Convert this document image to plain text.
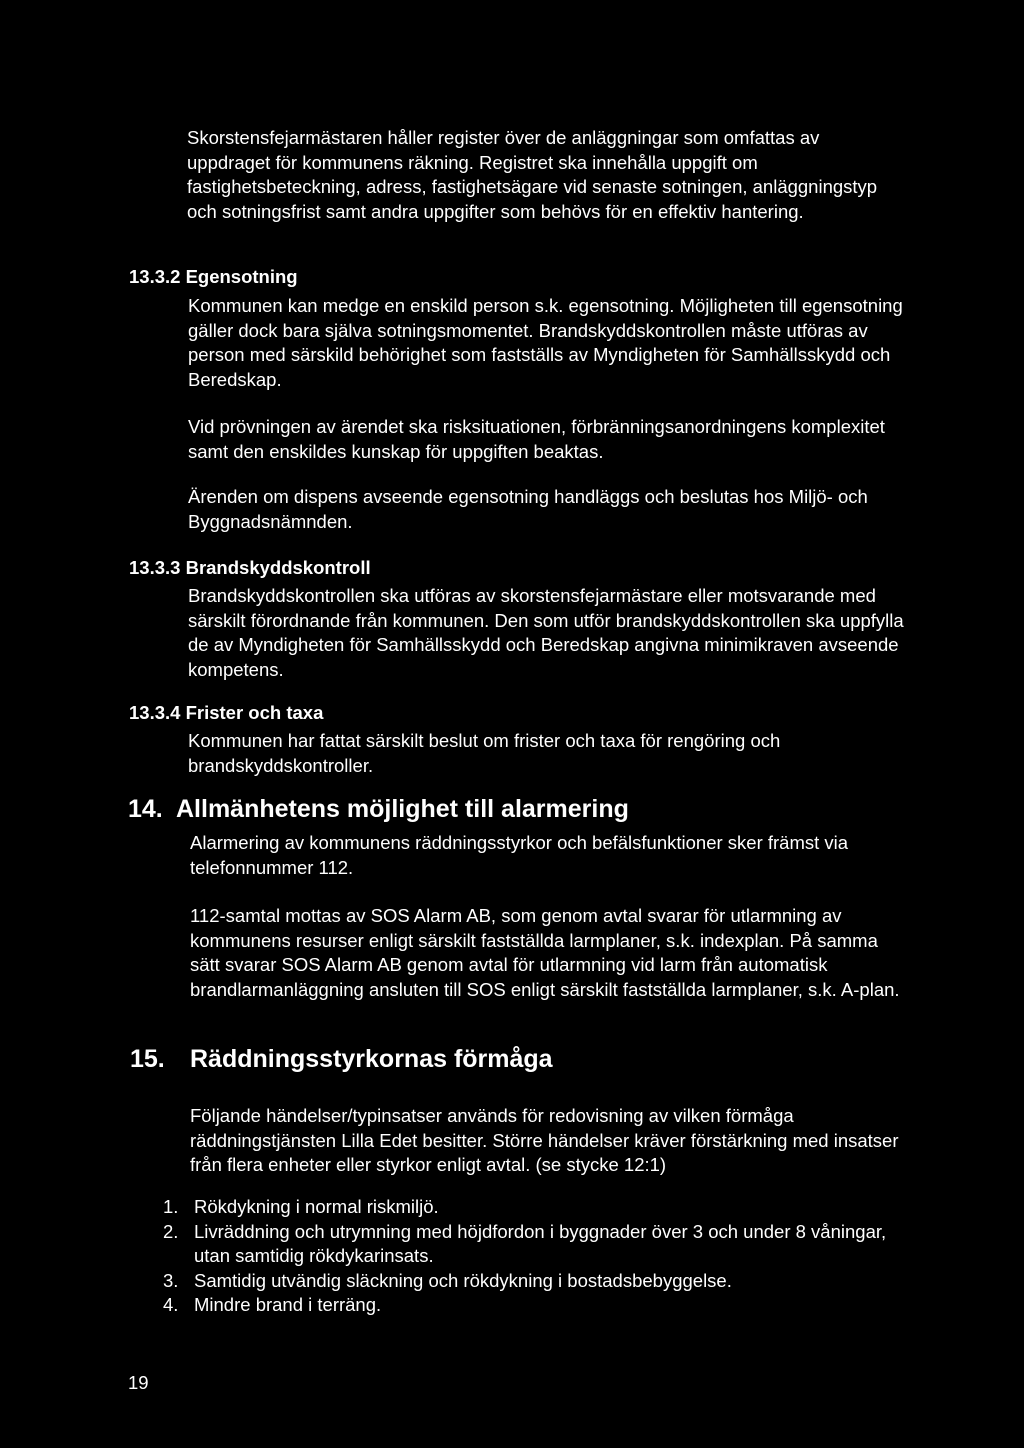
Skorstensfejarmästaren håller register över de anläggningar som omfattas av uppdraget för kommunens räkning. Registret ska innehålla uppgift om fastighetsbeteckning, adress, fastighetsägare vid senaste sotningen, anläggningstyp och sotningsfrist samt andra uppgifter som behövs för en effektiv hantering.

13.3.2 Egensotning

Kommunen kan medge en enskild person s.k. egensotning. Möjligheten till egensotning gäller dock bara själva sotningsmomentet. Brandskyddskontrollen måste utföras av person med särskild behörighet som fastställs av Myndigheten för Samhällsskydd och Beredskap.

Vid prövningen av ärendet ska risksituationen, förbränningsanordningens komplexitet samt den enskildes kunskap för uppgiften beaktas.

Ärenden om dispens avseende egensotning handläggs och beslutas hos Miljö- och Byggnadsnämnden.

13.3.3 Brandskyddskontroll

Brandskyddskontrollen ska utföras av skorstensfejarmästare eller motsvarande med särskilt förordnande från kommunen. Den som utför brandskyddskontrollen ska uppfylla de av Myndigheten för Samhällsskydd och Beredskap angivna minimikraven avseende kompetens.

13.3.4 Frister och taxa

Kommunen har fattat särskilt beslut om frister och taxa för rengöring och brandskyddskontroller.

14. Allmänhetens möjlighet till alarmering

Alarmering av kommunens räddningsstyrkor och befälsfunktioner sker främst via telefonnummer 112.

112-samtal mottas av SOS Alarm AB, som genom avtal svarar för utlarmning av kommunens resurser enligt särskilt fastställda larmplaner, s.k. indexplan. På samma sätt svarar SOS Alarm AB genom avtal för utlarmning vid larm från automatisk brandlarmanläggning ansluten till SOS enligt särskilt fastställda larmplaner, s.k. A-plan.

15. Räddningsstyrkornas förmåga

Följande händelser/typinsatser används för redovisning av vilken förmåga räddningstjänsten Lilla Edet besitter. Större händelser kräver förstärkning med insatser från flera enheter eller styrkor enligt avtal. (se stycke 12:1)

1. Rökdykning i normal riskmiljö.
2. Livräddning och utrymning med höjdfordon i byggnader över 3 och under 8 våningar, utan samtidig rökdykarinsats.
3. Samtidig utvändig släckning och rökdykning i bostadsbebyggelse.
4. Mindre brand i terräng.
19
